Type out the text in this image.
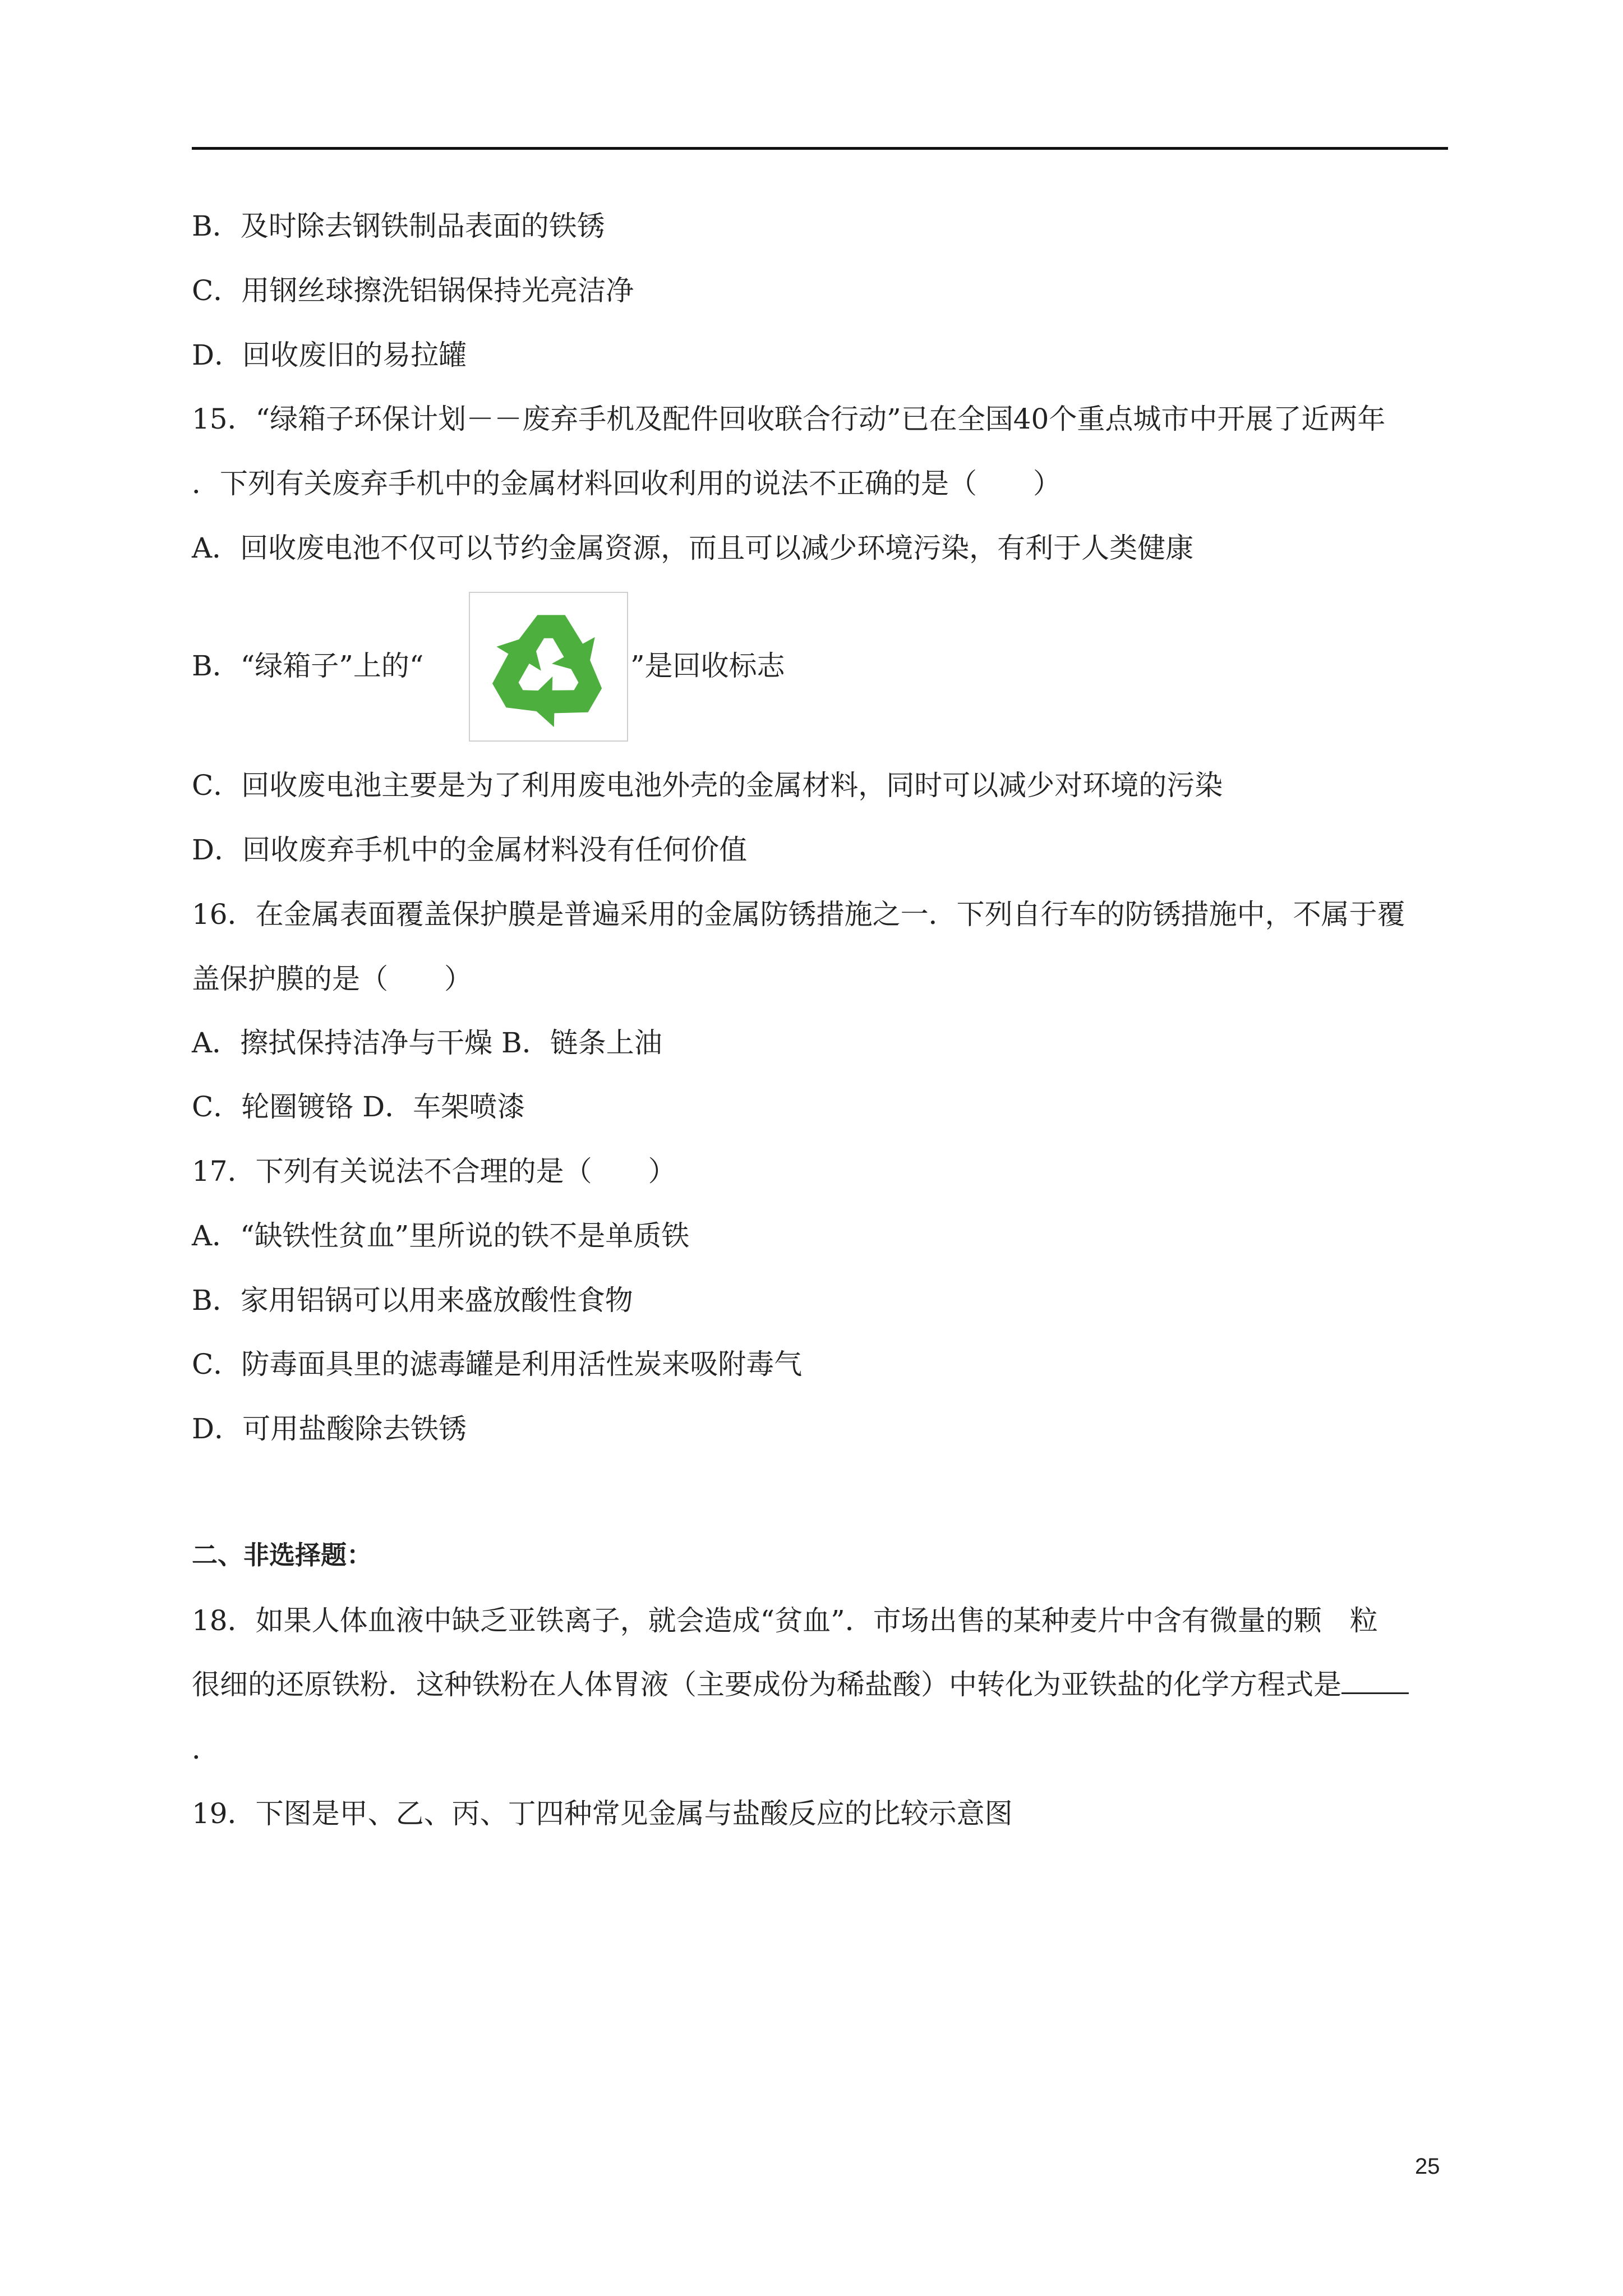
B．及时除去钢铁制品表面的铁锈
C．用钢丝球擦洗铝锅保持光亮洁净
D．回收废旧的易拉罐
15．“绿箱子环保计划－－废弃手机及配件回收联合行动”已在全国40个重点城市中开展了近两年
．下列有关废弃手机中的金属材料回收利用的说法不正确的是（　　）
A．回收废电池不仅可以节约金属资源，而且可以减少环境污染，有利于人类健康
B．“绿箱子”上的“	”是回收标志
C．回收废电池主要是为了利用废电池外壳的金属材料，同时可以减少对环境的污染
D．回收废弃手机中的金属材料没有任何价值
16．在金属表面覆盖保护膜是普遍采用的金属防锈措施之一．下列自行车的防锈措施中，不属于覆
盖保护膜的是（　　）
A．擦拭保持洁净与干燥 B．链条上油
C．轮圈镀铬 D．车架喷漆
17．下列有关说法不合理的是（　　）
A．“缺铁性贫血”里所说的铁不是单质铁
B．家用铝锅可以用来盛放酸性食物
C．防毒面具里的滤毒罐是利用活性炭来吸附毒气
D．可用盐酸除去铁锈
二、非选择题：
18．如果人体血液中缺乏亚铁离子，就会造成“贫血”．市场出售的某种麦片中含有微量的颗　粒
很细的还原铁粉．这种铁粉在人体胃液（主要成份为稀盐酸）中转化为亚铁盐的化学方程式是
．
19．下图是甲、乙、丙、丁四种常见金属与盐酸反应的比较示意图
25
